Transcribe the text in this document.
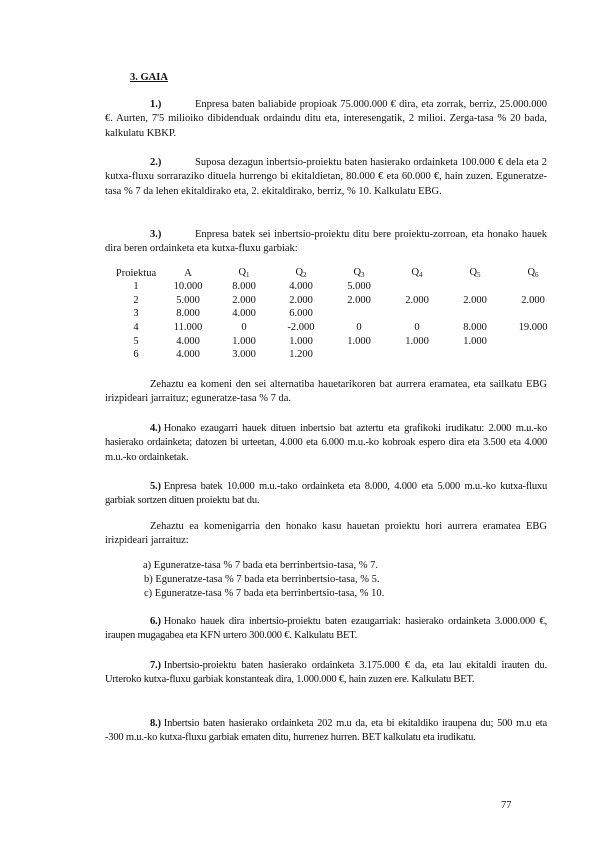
3. GAIA
1.)	Enpresa baten baliabide propioak 75.000.000 € dira, eta zorrak, berriz, 25.000.000 €. Aurten, 7'5 milioiko dibidenduak ordaindu ditu eta, interesengatik, 2 milioi. Zerga-tasa % 20 bada, kalkulatu KBKP.
2.)	Suposa dezagun inbertsio-proiektu baten hasierako ordainketa 100.000 € dela eta 2 kutxa-fluxu sorraraziko dituela hurrengo bi ekitaldietan, 80.000 € eta 60.000 €, hain zuzen. Eguneratze-tasa % 7 da lehen ekitaldirako eta, 2. ekitaldirako, berriz, % 10. Kalkulatu EBG.
3.)	Enpresa batek sei inbertsio-proiektu ditu bere proiektu-zorroan, eta honako hauek dira beren ordainketa eta kutxa-fluxu garbiak:
Proiektua	A	$Q_1$	$Q_2$	$Q_3$	$Q_4$	$Q_5$	$Q_6$
1	10.000	8.000	4.000	5.000			
2	5.000	2.000	2.000	2.000	2.000	2.000	2.000
3	8.000	4.000	6.000				
4	11.000	0	-2.000	0	0	8.000	19.000
5	4.000	1.000	1.000	1.000	1.000	1.000	
6	4.000	3.000	1.200				
Zehaztu ea komeni den sei alternatiba hauetarikoren bat aurrera eramatea, eta sailkatu EBG irizpideari jarraituz; eguneratze-tasa % 7 da.
4.) Honako ezaugarri hauek dituen inbertsio bat aztertu eta grafikoki irudikatu: 2.000 m.u.-ko hasierako ordainketa; datozen bi urteetan, 4.000 eta 6.000 m.u.-ko kobroak espero dira eta 3.500 eta 4.000 m.u.-ko ordainketak.
5.) Enpresa batek 10.000 m.u.-tako ordainketa eta 8.000, 4.000 eta 5.000 m.u.-ko kutxa-fluxu garbiak sortzen dituen proiektu bat du.
Zehaztu ea komenigarria den honako kasu hauetan proiektu hori aurrera eramatea EBG irizpideari jarraituz:
a) Eguneratze-tasa % 7 bada eta berrinbertsio-tasa, % 7.
b) Eguneratze-tasa % 7 bada eta berrinbertsio-tasa, % 5.
c) Eguneratze-tasa % 7 bada eta berrinbertsio-tasa, % 10.
6.) Honako hauek dira inbertsio-proiektu baten ezaugarriak: hasierako ordainketa 3.000.000 €, iraupen mugagabea eta KFN urtero 300.000 €. Kalkulatu BET.
7.) Inbertsio-proiektu baten hasierako ordainketa 3.175.000 € da, eta lau ekitaldi irauten du. Urteroko kutxa-fluxu garbiak konstanteak dira, 1.000.000 €, hain zuzen ere. Kalkulatu BET.
8.) Inbertsio baten hasierako ordainketa 202 m.u da, eta bi ekitaldiko iraupena du; 500 m.u eta -300 m.u.-ko kutxa-fluxu garbiak ematen ditu, hurrenez hurren. BET kalkulatu eta irudikatu.
77
